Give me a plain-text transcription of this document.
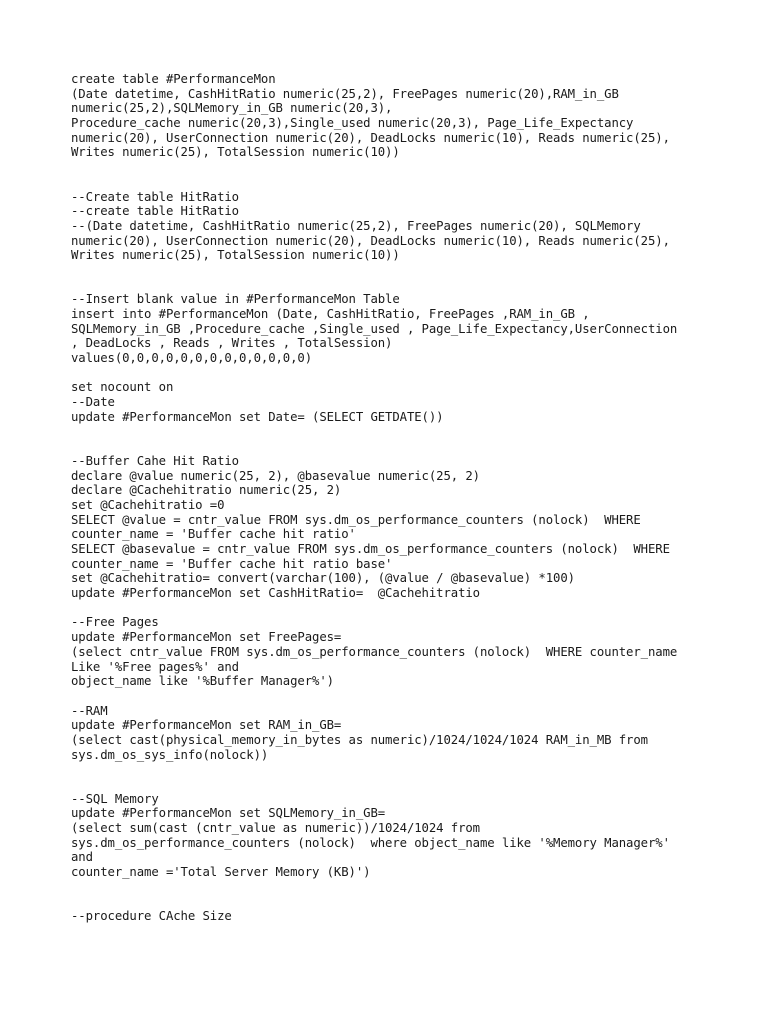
create table #PerformanceMon
(Date datetime, CashHitRatio numeric(25,2), FreePages numeric(20),RAM_in_GB
numeric(25,2),SQLMemory_in_GB numeric(20,3),
Procedure_cache numeric(20,3),Single_used numeric(20,3), Page_Life_Expectancy
numeric(20), UserConnection numeric(20), DeadLocks numeric(10), Reads numeric(25),
Writes numeric(25), TotalSession numeric(10))
--Create table HitRatio
--create table HitRatio
--(Date datetime, CashHitRatio numeric(25,2), FreePages numeric(20), SQLMemory
numeric(20), UserConnection numeric(20), DeadLocks numeric(10), Reads numeric(25),
Writes numeric(25), TotalSession numeric(10))
--Insert blank value in #PerformanceMon Table
insert into #PerformanceMon (Date, CashHitRatio, FreePages ,RAM_in_GB ,
SQLMemory_in_GB ,Procedure_cache ,Single_used , Page_Life_Expectancy,UserConnection
, DeadLocks , Reads , Writes , TotalSession)
values(0,0,0,0,0,0,0,0,0,0,0,0,0)
set nocount on
--Date
update #PerformanceMon set Date= (SELECT GETDATE())
--Buffer Cahe Hit Ratio
declare @value numeric(25, 2), @basevalue numeric(25, 2)
declare @Cachehitratio numeric(25, 2)
set @Cachehitratio =0
SELECT @value = cntr_value FROM sys.dm_os_performance_counters (nolock)  WHERE
counter_name = 'Buffer cache hit ratio'
SELECT @basevalue = cntr_value FROM sys.dm_os_performance_counters (nolock)  WHERE
counter_name = 'Buffer cache hit ratio base'
set @Cachehitratio= convert(varchar(100), (@value / @basevalue) *100)
update #PerformanceMon set CashHitRatio=  @Cachehitratio
--Free Pages
update #PerformanceMon set FreePages=
(select cntr_value FROM sys.dm_os_performance_counters (nolock)  WHERE counter_name
Like '%Free pages%' and
object_name like '%Buffer Manager%')
--RAM
update #PerformanceMon set RAM_in_GB=
(select cast(physical_memory_in_bytes as numeric)/1024/1024/1024 RAM_in_MB from
sys.dm_os_sys_info(nolock))
--SQL Memory
update #PerformanceMon set SQLMemory_in_GB=
(select sum(cast (cntr_value as numeric))/1024/1024 from
sys.dm_os_performance_counters (nolock)  where object_name like '%Memory Manager%'
and
counter_name ='Total Server Memory (KB)')
--procedure CAche Size
